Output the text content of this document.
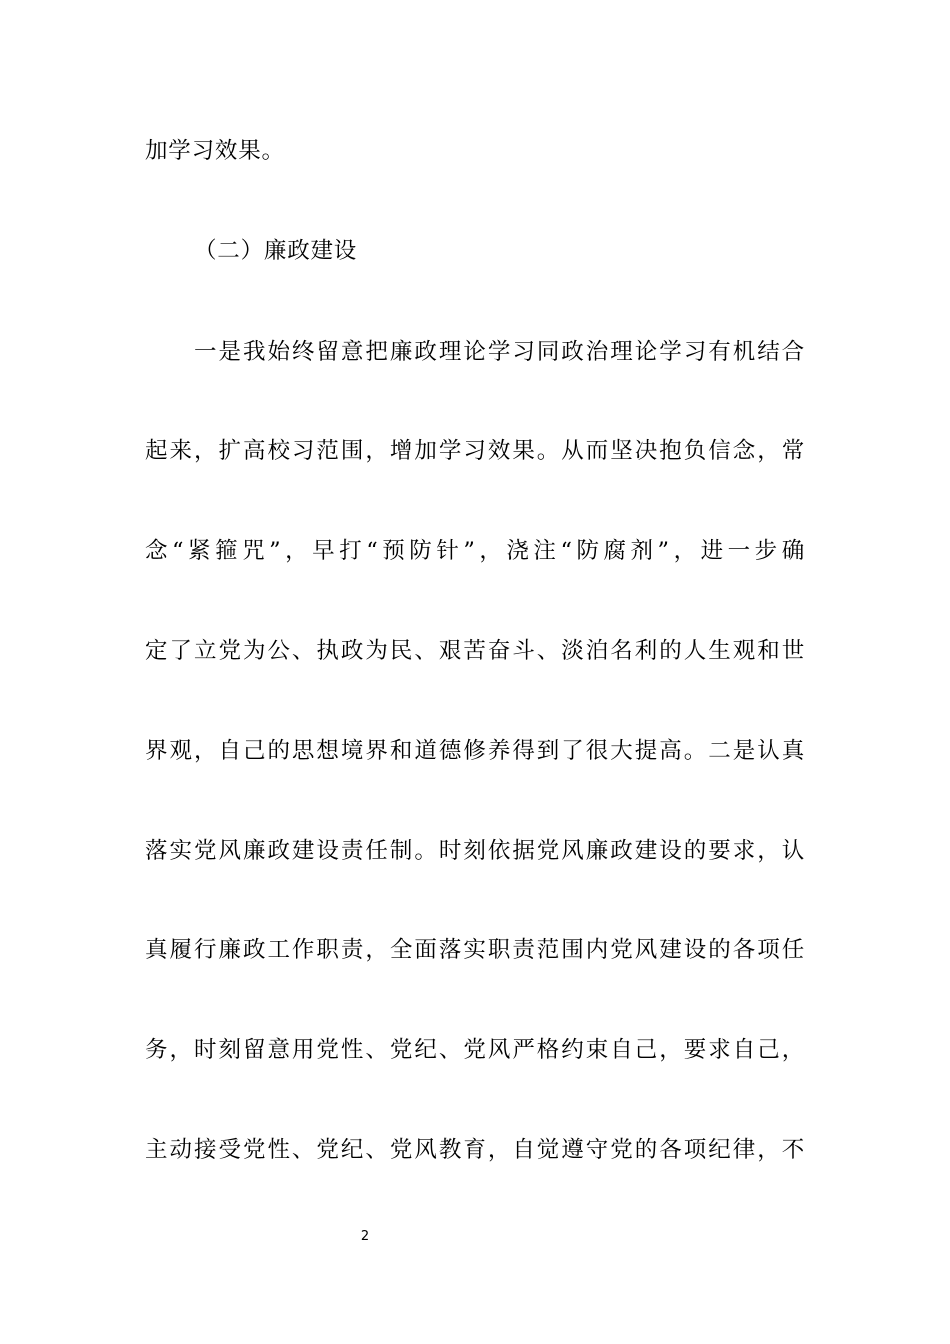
加学习效果。
（二）廉政建设
一是我始终留意把廉政理论学习同政治理论学习有机结合
起来，扩高校习范围，增加学习效果。从而坚决抱负信念，常
念“紧箍咒”，早打“预防针”，浇注“防腐剂”，进一步确
定了立党为公、执政为民、艰苦奋斗、淡泊名利的人生观和世
界观，自己的思想境界和道德修养得到了很大提高。二是认真
落实党风廉政建设责任制。时刻依据党风廉政建设的要求，认
真履行廉政工作职责，全面落实职责范围内党风建设的各项任
务，时刻留意用党性、党纪、党风严格约束自己，要求自己，
主动接受党性、党纪、党风教育，自觉遵守党的各项纪律，不
2
